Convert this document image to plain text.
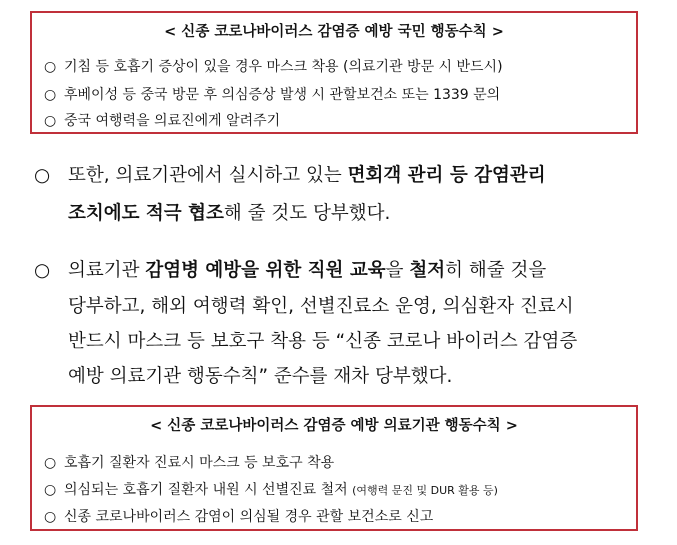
< 신종 코로나바이러스 감염증 예방 국민 행동수칙 >
○ 기침 등 호흡기 증상이 있을 경우 마스크 착용 (의료기관 방문 시 반드시)
○ 후베이성 등 중국 방문 후 의심증상 발생 시 관할보건소 또는 1339 문의
○ 중국 여행력을 의료진에게 알려주기
○ 또한, 의료기관에서 실시하고 있는 면회객 관리 등 감염관리
조치에도 적극 협조해 줄 것도 당부했다.
○ 의료기관 감염병 예방을 위한 직원 교육을 철저히 해줄 것을
당부하고, 해외 여행력 확인, 선별진료소 운영, 의심환자 진료시
반드시 마스크 등 보호구 착용 등 “신종 코로나 바이러스 감염증
예방 의료기관 행동수칙” 준수를 재차 당부했다.
< 신종 코로나바이러스 감염증 예방 의료기관 행동수칙 >
○ 호흡기 질환자 진료시 마스크 등 보호구 착용
○ 의심되는 호흡기 질환자 내원 시 선별진료 철저 (여행력 문진 및 DUR 활용 등)
○ 신종 코로나바이러스 감염이 의심될 경우 관할 보건소로 신고
